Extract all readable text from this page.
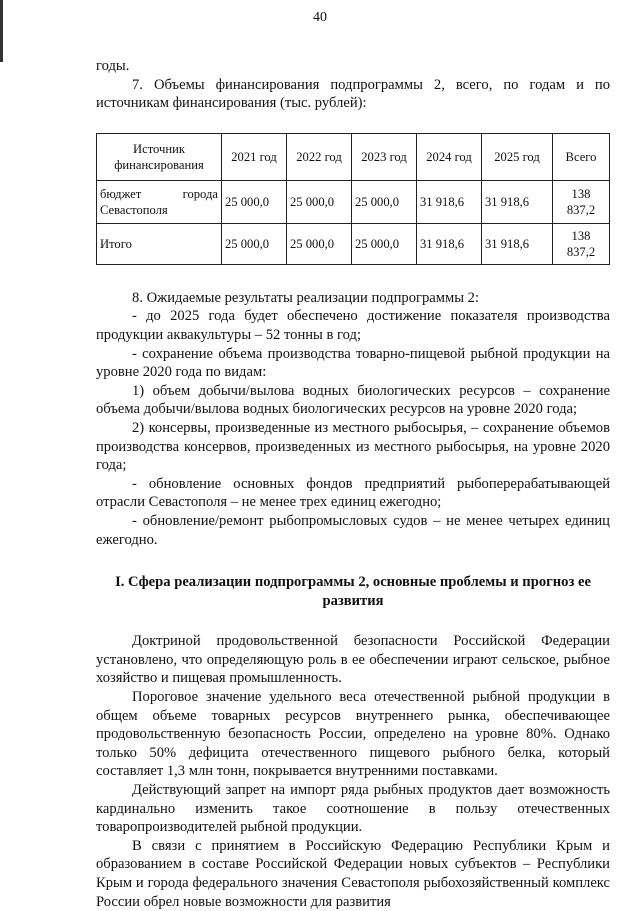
40

годы.

7. Объемы финансирования подпрограммы 2, всего, по годам и по источникам финансирования (тыс. рублей):

Источник финансирования	2021 год	2022 год	2023 год	2024 год	2025 год	Всего
бюджет города Севастополя	25 000,0	25 000,0	25 000,0	31 918,6	31 918,6	138 837,2
Итого	25 000,0	25 000,0	25 000,0	31 918,6	31 918,6	138 837,2

8. Ожидаемые результаты реализации подпрограммы 2:

- до 2025 года будет обеспечено достижение показателя производства продукции аквакультуры – 52 тонны в год;

- сохранение объема производства товарно-пищевой рыбной продукции на уровне 2020 года по видам:

1) объем добычи/вылова водных биологических ресурсов – сохранение объема добычи/вылова водных биологических ресурсов на уровне 2020 года;

2) консервы, произведенные из местного рыбосырья, – сохранение объемов производства консервов, произведенных из местного рыбосырья, на уровне 2020 года;

- обновление основных фондов предприятий рыбоперерабатывающей отрасли Севастополя – не менее трех единиц ежегодно;

- обновление/ремонт рыбопромысловых судов – не менее четырех единиц ежегодно.

I. Сфера реализации подпрограммы 2, основные проблемы и прогноз ее развития

Доктриной продовольственной безопасности Российской Федерации установлено, что определяющую роль в ее обеспечении играют сельское, рыбное хозяйство и пищевая промышленность.

Пороговое значение удельного веса отечественной рыбной продукции в общем объеме товарных ресурсов внутреннего рынка, обеспечивающее продовольственную безопасность России, определено на уровне 80%. Однако только 50% дефицита отечественного пищевого рыбного белка, который составляет 1,3 млн тонн, покрывается внутренними поставками.

Действующий запрет на импорт ряда рыбных продуктов дает возможность кардинально изменить такое соотношение в пользу отечественных товаропроизводителей рыбной продукции.

В связи с принятием в Российскую Федерацию Республики Крым и образованием в составе Российской Федерации новых субъектов – Республики Крым и города федерального значения Севастополя рыбохозяйственный комплекс России обрел новые возможности для развития
